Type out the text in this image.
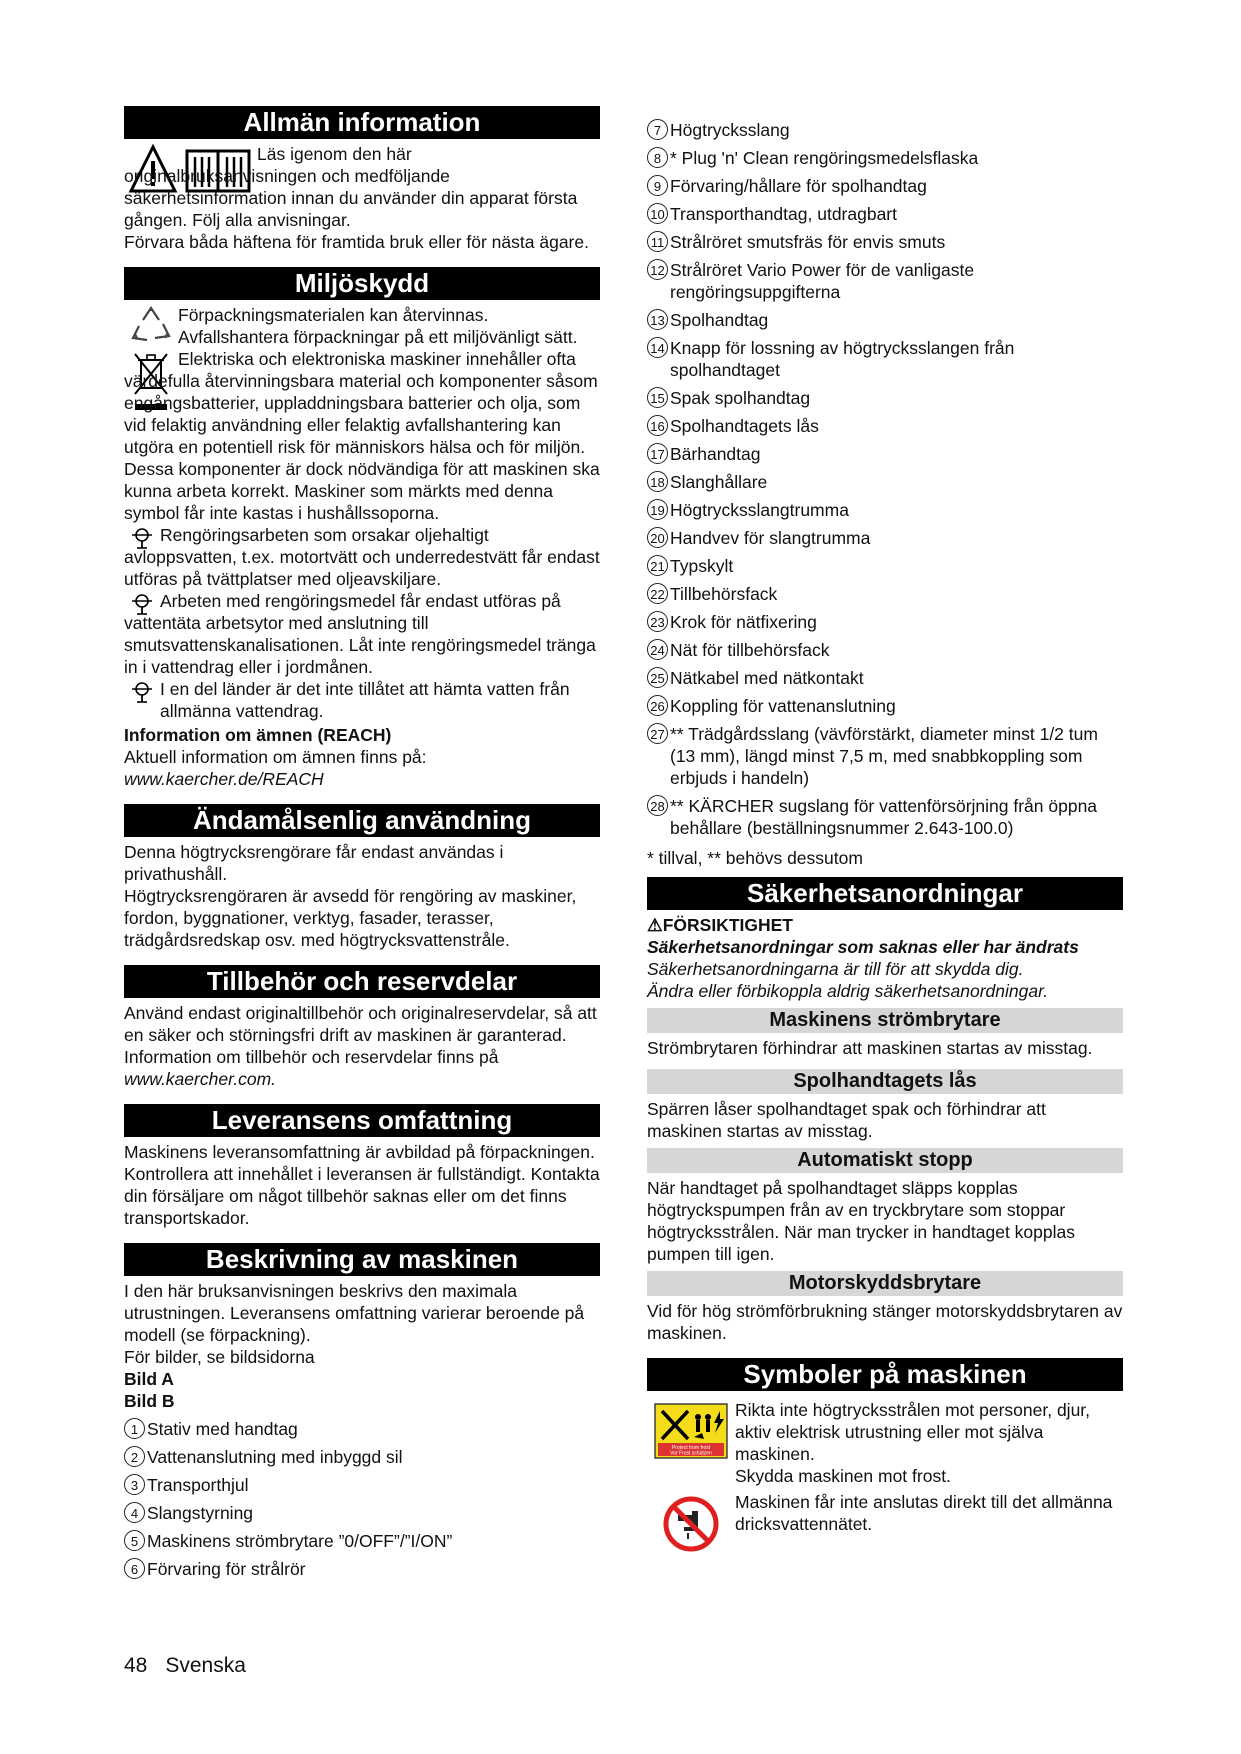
Allmän information

Läs igenom den här originalbruksanvisningen och medföljande säkerhetsinformation innan du använder din apparat första gången. Följ alla anvisningar.

Förvara båda häftena för framtida bruk eller för nästa ägare.

Miljöskydd

Förpackningsmaterialen kan återvinnas. Avfallshantera förpackningar på ett miljövänligt sätt.

Elektriska och elektroniska maskiner innehåller ofta värdefulla återvinningsbara material och komponenter såsom engångsbatterier, uppladdningsbara batterier och olja, som vid felaktig användning eller felaktig avfallshantering kan utgöra en potentiell risk för människors hälsa och för miljön. Dessa komponenter är dock nödvändiga för att maskinen ska kunna arbeta korrekt. Maskiner som märkts med denna symbol får inte kastas i hushållssoporna.

Rengöringsarbeten som orsakar oljehaltigt avloppsvatten, t.ex. motortvätt och underredestvätt får endast utföras på tvättplatser med oljeavskiljare.

Arbeten med rengöringsmedel får endast utföras på vattentäta arbetsytor med anslutning till smutsvattenskanalisationen. Låt inte rengöringsmedel tränga in i vattendrag eller i jordmånen.

I en del länder är det inte tillåtet att hämta vatten från allmänna vattendrag.

Information om ämnen (REACH)

Aktuell information om ämnen finns på: www.kaercher.de/REACH

Ändamålsenlig användning

Denna högtrycksrengörare får endast användas i privathushåll.

Högtrycksrengöraren är avsedd för rengöring av maskiner, fordon, byggnationer, verktyg, fasader, terasser, trädgårdsredskap osv. med högtrycksvattenstråle.

Tillbehör och reservdelar

Använd endast originaltillbehör och originalreservdelar, så att en säker och störningsfri drift av maskinen är garanterad.

Information om tillbehör och reservdelar finns på

www.kaercher.com.

Leveransens omfattning

Maskinens leveransomfattning är avbildad på förpackningen. Kontrollera att innehållet i leveransen är fullständigt. Kontakta din försäljare om något tillbehör saknas eller om det finns transportskador.

Beskrivning av maskinen

I den här bruksanvisningen beskrivs den maximala utrustningen. Leveransens omfattning varierar beroende på modell (se förpackning).

För bilder, se bildsidorna

Bild A

Bild B

1 Stativ med handtag
2 Vattenanslutning med inbyggd sil
3 Transporthjul
4 Slangstyrning
5 Maskinens strömbrytare ”0/OFF”/”I/ON”
6 Förvaring för strålrör
7 Högtrycksslang
8 * Plug 'n' Clean rengöringsmedelsflaska
9 Förvaring/hållare för spolhandtag
10 Transporthandtag, utdragbart
11 Strålröret smutsfräs för envis smuts
12 Strålröret Vario Power för de vanligaste rengöringsuppgifterna
13 Spolhandtag
14 Knapp för lossning av högtrycksslangen från spolhandtaget
15 Spak spolhandtag
16 Spolhandtagets lås
17 Bärhandtag
18 Slanghållare
19 Högtrycksslangtrumma
20 Handvev för slangtrumma
21 Typskylt
22 Tillbehörsfack
23 Krok för nätfixering
24 Nät för tillbehörsfack
25 Nätkabel med nätkontakt
26 Koppling för vattenanslutning
27 ** Trädgårdsslang (vävförstärkt, diameter minst 1/2 tum (13 mm), längd minst 7,5 m, med snabbkoppling som erbjuds i handeln)
28 ** KÄRCHER sugslang för vattenförsörjning från öppna behållare (beställningsnummer 2.643-100.0)

* tillval, ** behövs dessutom

Säkerhetsanordningar

⚠FÖRSIKTIGHET

Säkerhetsanordningar som saknas eller har ändrats

Säkerhetsanordningarna är till för att skydda dig.

Ändra eller förbikoppla aldrig säkerhetsanordningar.

Maskinens strömbrytare

Strömbrytaren förhindrar att maskinen startas av misstag.

Spolhandtagets lås

Spärren låser spolhandtaget spak och förhindrar att maskinen startas av misstag.

Automatiskt stopp

När handtaget på spolhandtaget släpps kopplas högtryckspumpen från av en tryckbrytare som stoppar högtrycksstrålen. När man trycker in handtaget kopplas pumpen till igen.

Motorskyddsbrytare

Vid för hög strömförbrukning stänger motorskyddsbrytaren av maskinen.

Symboler på maskinen
Protect from frost
Vor Frost schützen

Rikta inte högtrycksstrålen mot personer, djur, aktiv elektrisk utrustning eller mot själva maskinen.

Skydda maskinen mot frost.

Maskinen får inte anslutas direkt till det allmänna dricksvattennätet.

48 Svenska
